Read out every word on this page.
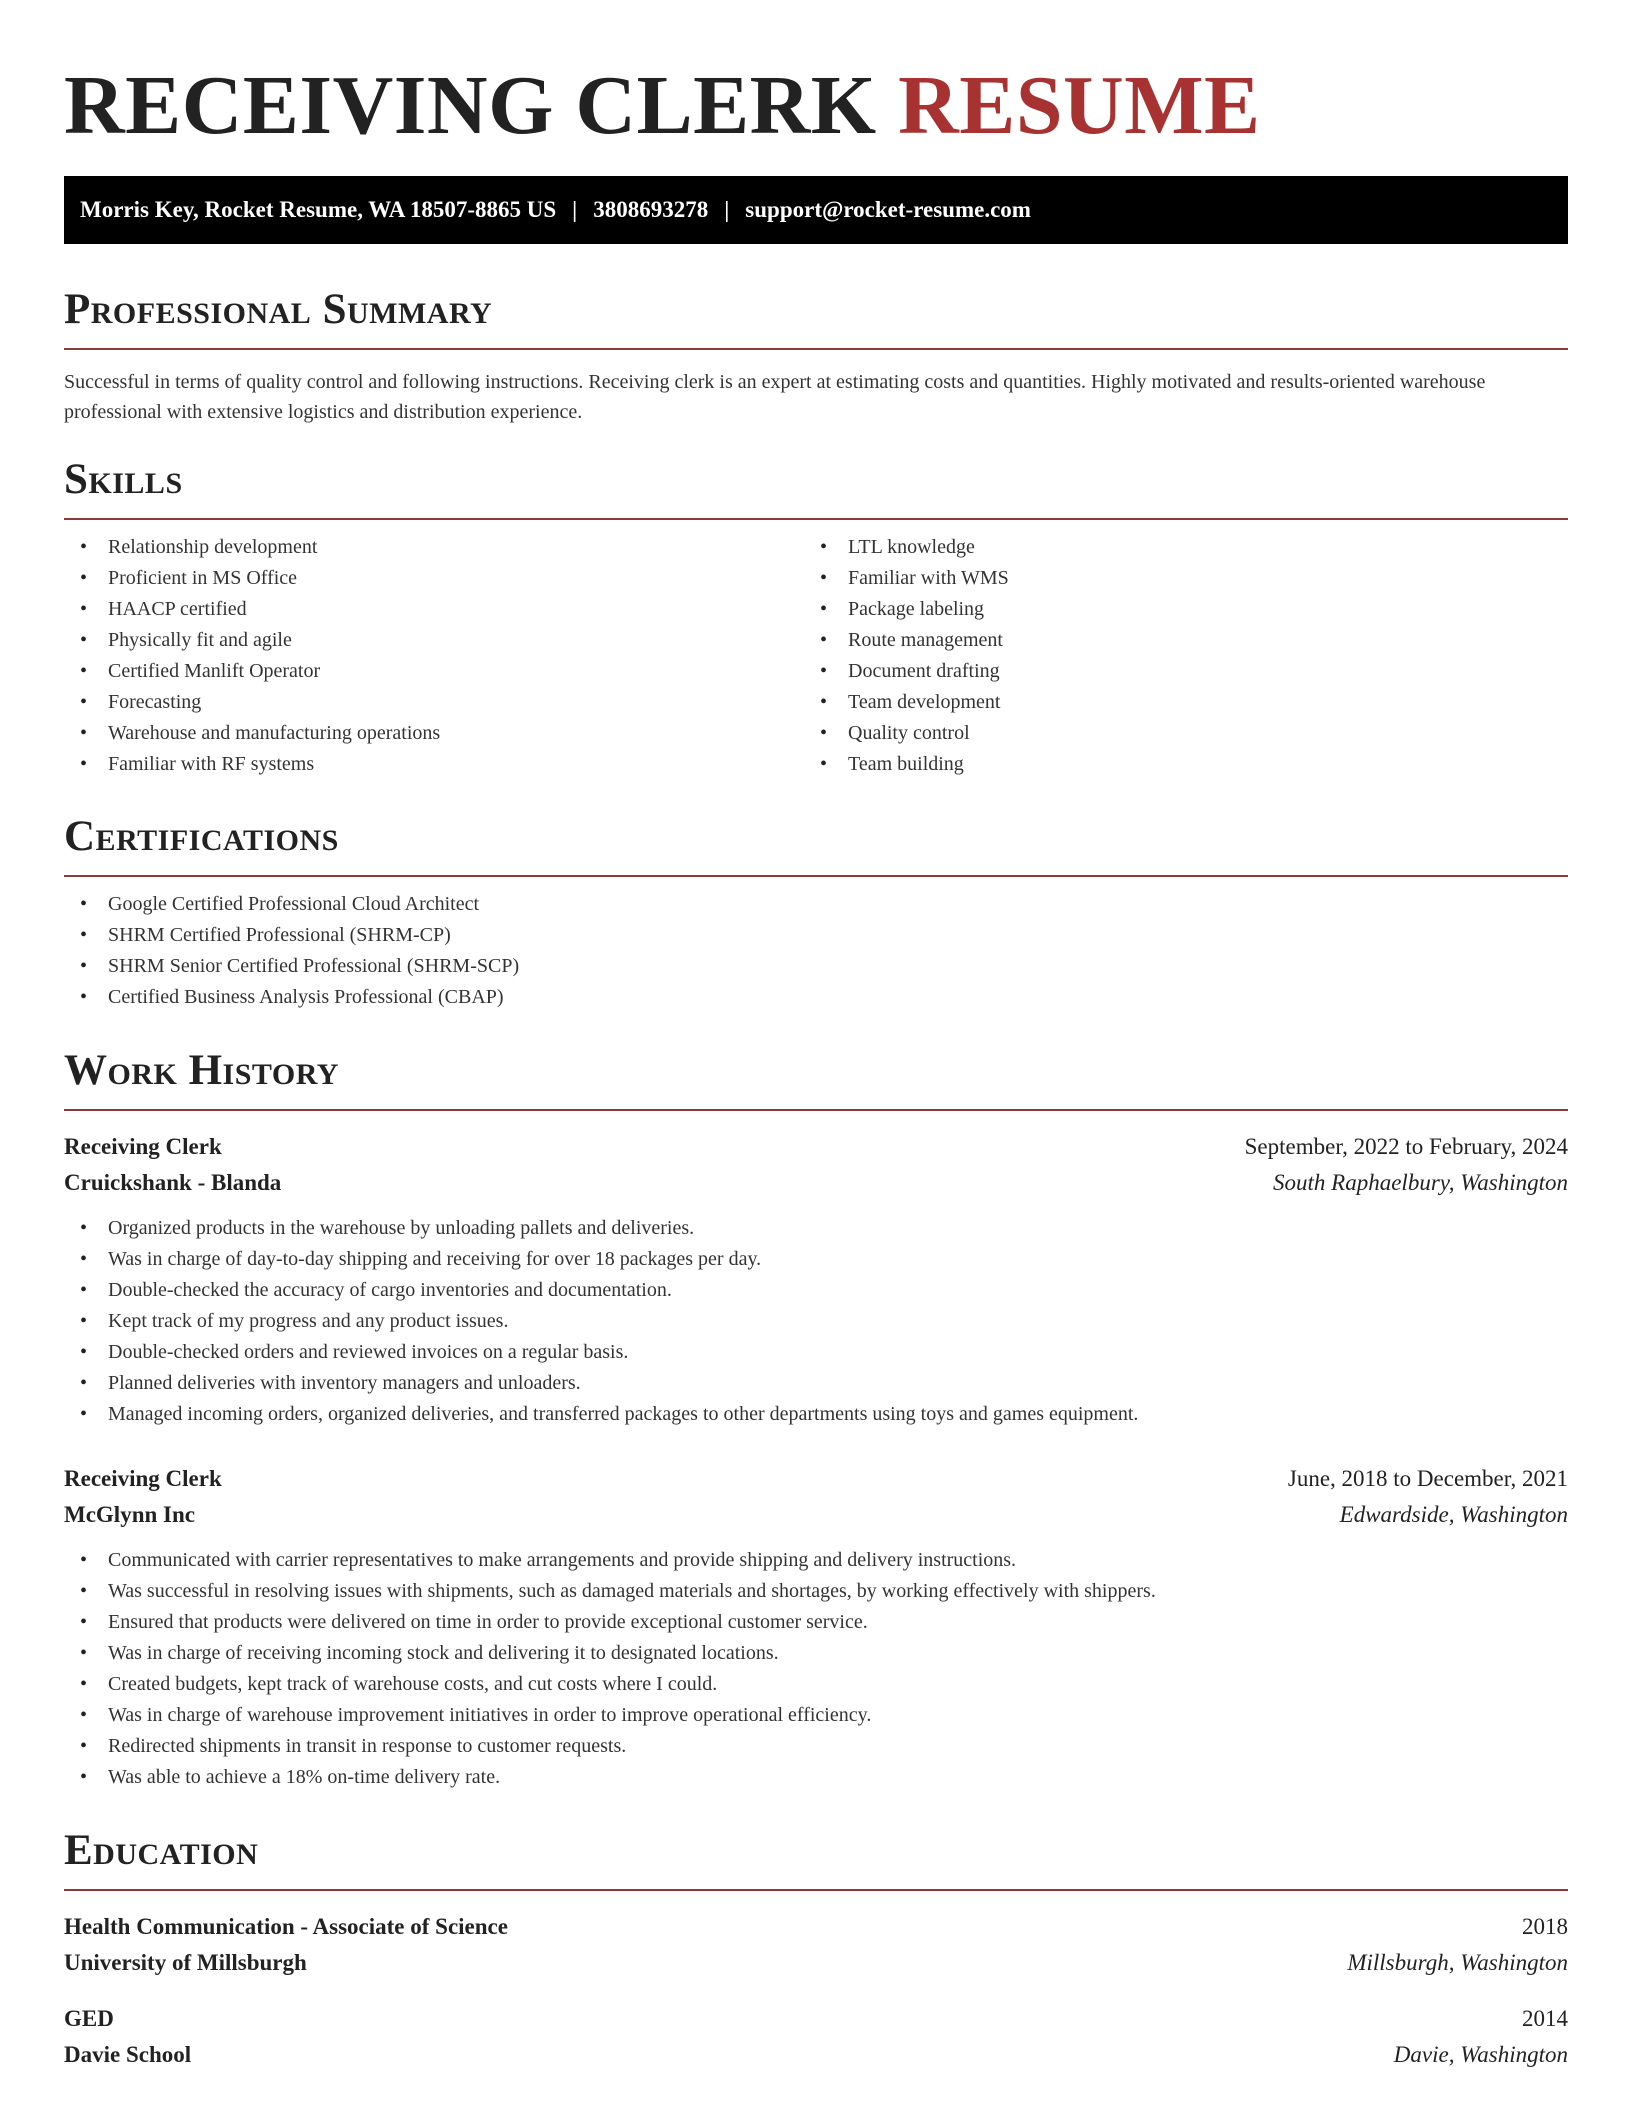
RECEIVING CLERK RESUME
Morris Key, Rocket Resume, WA 18507-8865 US | 3808693278 | support@rocket-resume.com
Professional Summary

Successful in terms of quality control and following instructions. Receiving clerk is an expert at estimating costs and quantities. Highly motivated and results-oriented warehouse professional with extensive logistics and distribution experience.

Skills
• Relationship development
• Proficient in MS Office
• HAACP certified
• Physically fit and agile
• Certified Manlift Operator
• Forecasting
• Warehouse and manufacturing operations
• Familiar with RF systems
• LTL knowledge
• Familiar with WMS
• Package labeling
• Route management
• Document drafting
• Team development
• Quality control
• Team building
Certifications
• Google Certified Professional Cloud Architect
• SHRM Certified Professional (SHRM-CP)
• SHRM Senior Certified Professional (SHRM-SCP)
• Certified Business Analysis Professional (CBAP)
Work History
Receiving Clerk	September, 2022 to February, 2024
Cruickshank - Blanda	South Raphaelbury, Washington
• Organized products in the warehouse by unloading pallets and deliveries.
• Was in charge of day-to-day shipping and receiving for over 18 packages per day.
• Double-checked the accuracy of cargo inventories and documentation.
• Kept track of my progress and any product issues.
• Double-checked orders and reviewed invoices on a regular basis.
• Planned deliveries with inventory managers and unloaders.
• Managed incoming orders, organized deliveries, and transferred packages to other departments using toys and games equipment.
Receiving Clerk	June, 2018 to December, 2021
McGlynn Inc	Edwardside, Washington
• Communicated with carrier representatives to make arrangements and provide shipping and delivery instructions.
• Was successful in resolving issues with shipments, such as damaged materials and shortages, by working effectively with shippers.
• Ensured that products were delivered on time in order to provide exceptional customer service.
• Was in charge of receiving incoming stock and delivering it to designated locations.
• Created budgets, kept track of warehouse costs, and cut costs where I could.
• Was in charge of warehouse improvement initiatives in order to improve operational efficiency.
• Redirected shipments in transit in response to customer requests.
• Was able to achieve a 18% on-time delivery rate.
Education
Health Communication - Associate of Science	2018
University of Millsburgh	Millsburgh, Washington
GED	2014
Davie School	Davie, Washington
